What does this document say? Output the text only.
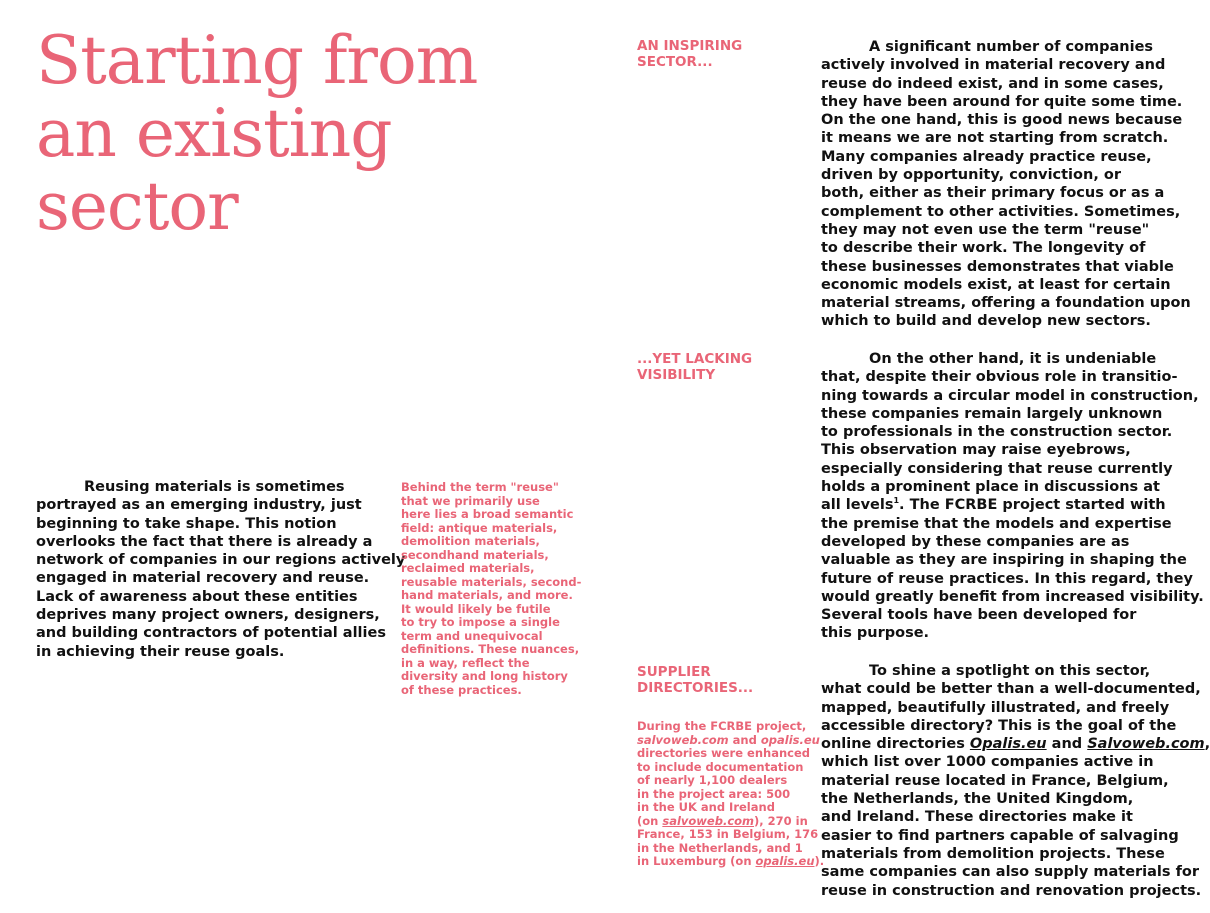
Starting from
an existing
sector

Reusing materials is sometimes
portrayed as an emerging industry, just
beginning to take shape. This notion
overlooks the fact that there is already a
network of companies in our regions actively
engaged in material recovery and reuse.
Lack of awareness about these entities
deprives many project owners, designers,
and building contractors of potential allies
in achieving their reuse goals.

Behind the term "reuse"
that we primarily use
here lies a broad semantic
field: antique materials,
demolition materials,
secondhand materials,
reclaimed materials,
reusable materials, second-
hand materials, and more.
It would likely be futile
to try to impose a single
term and unequivocal
definitions. These nuances,
in a way, reflect the
diversity and long history
of these practices.

AN INSPIRING
SECTOR...

...YET LACKING
VISIBILITY

SUPPLIER
DIRECTORIES...

A significant number of companies
actively involved in material recovery and
reuse do indeed exist, and in some cases,
they have been around for quite some time.
On the one hand, this is good news because
it means we are not starting from scratch.
Many companies already practice reuse,
driven by opportunity, conviction, or
both, either as their primary focus or as a
complement to other activities. Sometimes,
they may not even use the term "reuse"
to describe their work. The longevity of
these businesses demonstrates that viable
economic models exist, at least for certain
material streams, offering a foundation upon
which to build and develop new sectors.

On the other hand, it is undeniable
that, despite their obvious role in transitio-
ning towards a circular model in construction,
these companies remain largely unknown
to professionals in the construction sector.
This observation may raise eyebrows,
especially considering that reuse currently
holds a prominent place in discussions at
all levels$^1$. The FCRBE project started with
the premise that the models and expertise
developed by these companies are as
valuable as they are inspiring in shaping the
future of reuse practices. In this regard, they
would greatly benefit from increased visibility.
Several tools have been developed for
this purpose.

To shine a spotlight on this sector,
what could be better than a well-documented,
mapped, beautifully illustrated, and freely
accessible directory? This is the goal of the
online directories Opalis.eu and Salvoweb.com,
which list over 1000 companies active in
material reuse located in France, Belgium,
the Netherlands, the United Kingdom,
and Ireland. These directories make it
easier to find partners capable of salvaging
materials from demolition projects. These
same companies can also supply materials for
reuse in construction and renovation projects.

During the FCRBE project,
salvoweb.com and opalis.eu
directories were enhanced
to include documentation
of nearly 1,100 dealers
in the project area: 500
in the UK and Ireland
(on salvoweb.com), 270 in
France, 153 in Belgium, 176
in the Netherlands, and 1
in Luxemburg (on opalis.eu).
